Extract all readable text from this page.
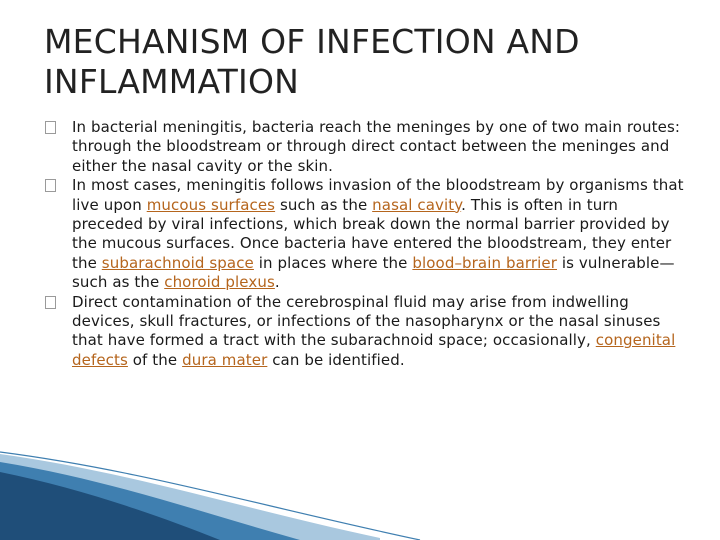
MECHANISM OF INFECTION AND INFLAMMATION
In bacterial meningitis, bacteria reach the meninges by one of two main routes: through the bloodstream or through direct contact between the meninges and either the nasal cavity or the skin.
In most cases, meningitis follows invasion of the bloodstream by organisms that live upon mucous surfaces such as the nasal cavity. This is often in turn preceded by viral infections, which break down the normal barrier provided by the mucous surfaces. Once bacteria have entered the bloodstream, they enter the subarachnoid space in places where the blood–brain barrier is vulnerable—such as the choroid plexus.
Direct contamination of the cerebrospinal fluid may arise from indwelling devices, skull fractures, or infections of the nasopharynx or the nasal sinuses that have formed a tract with the subarachnoid space; occasionally, congenital defects of the dura mater can be identified.
